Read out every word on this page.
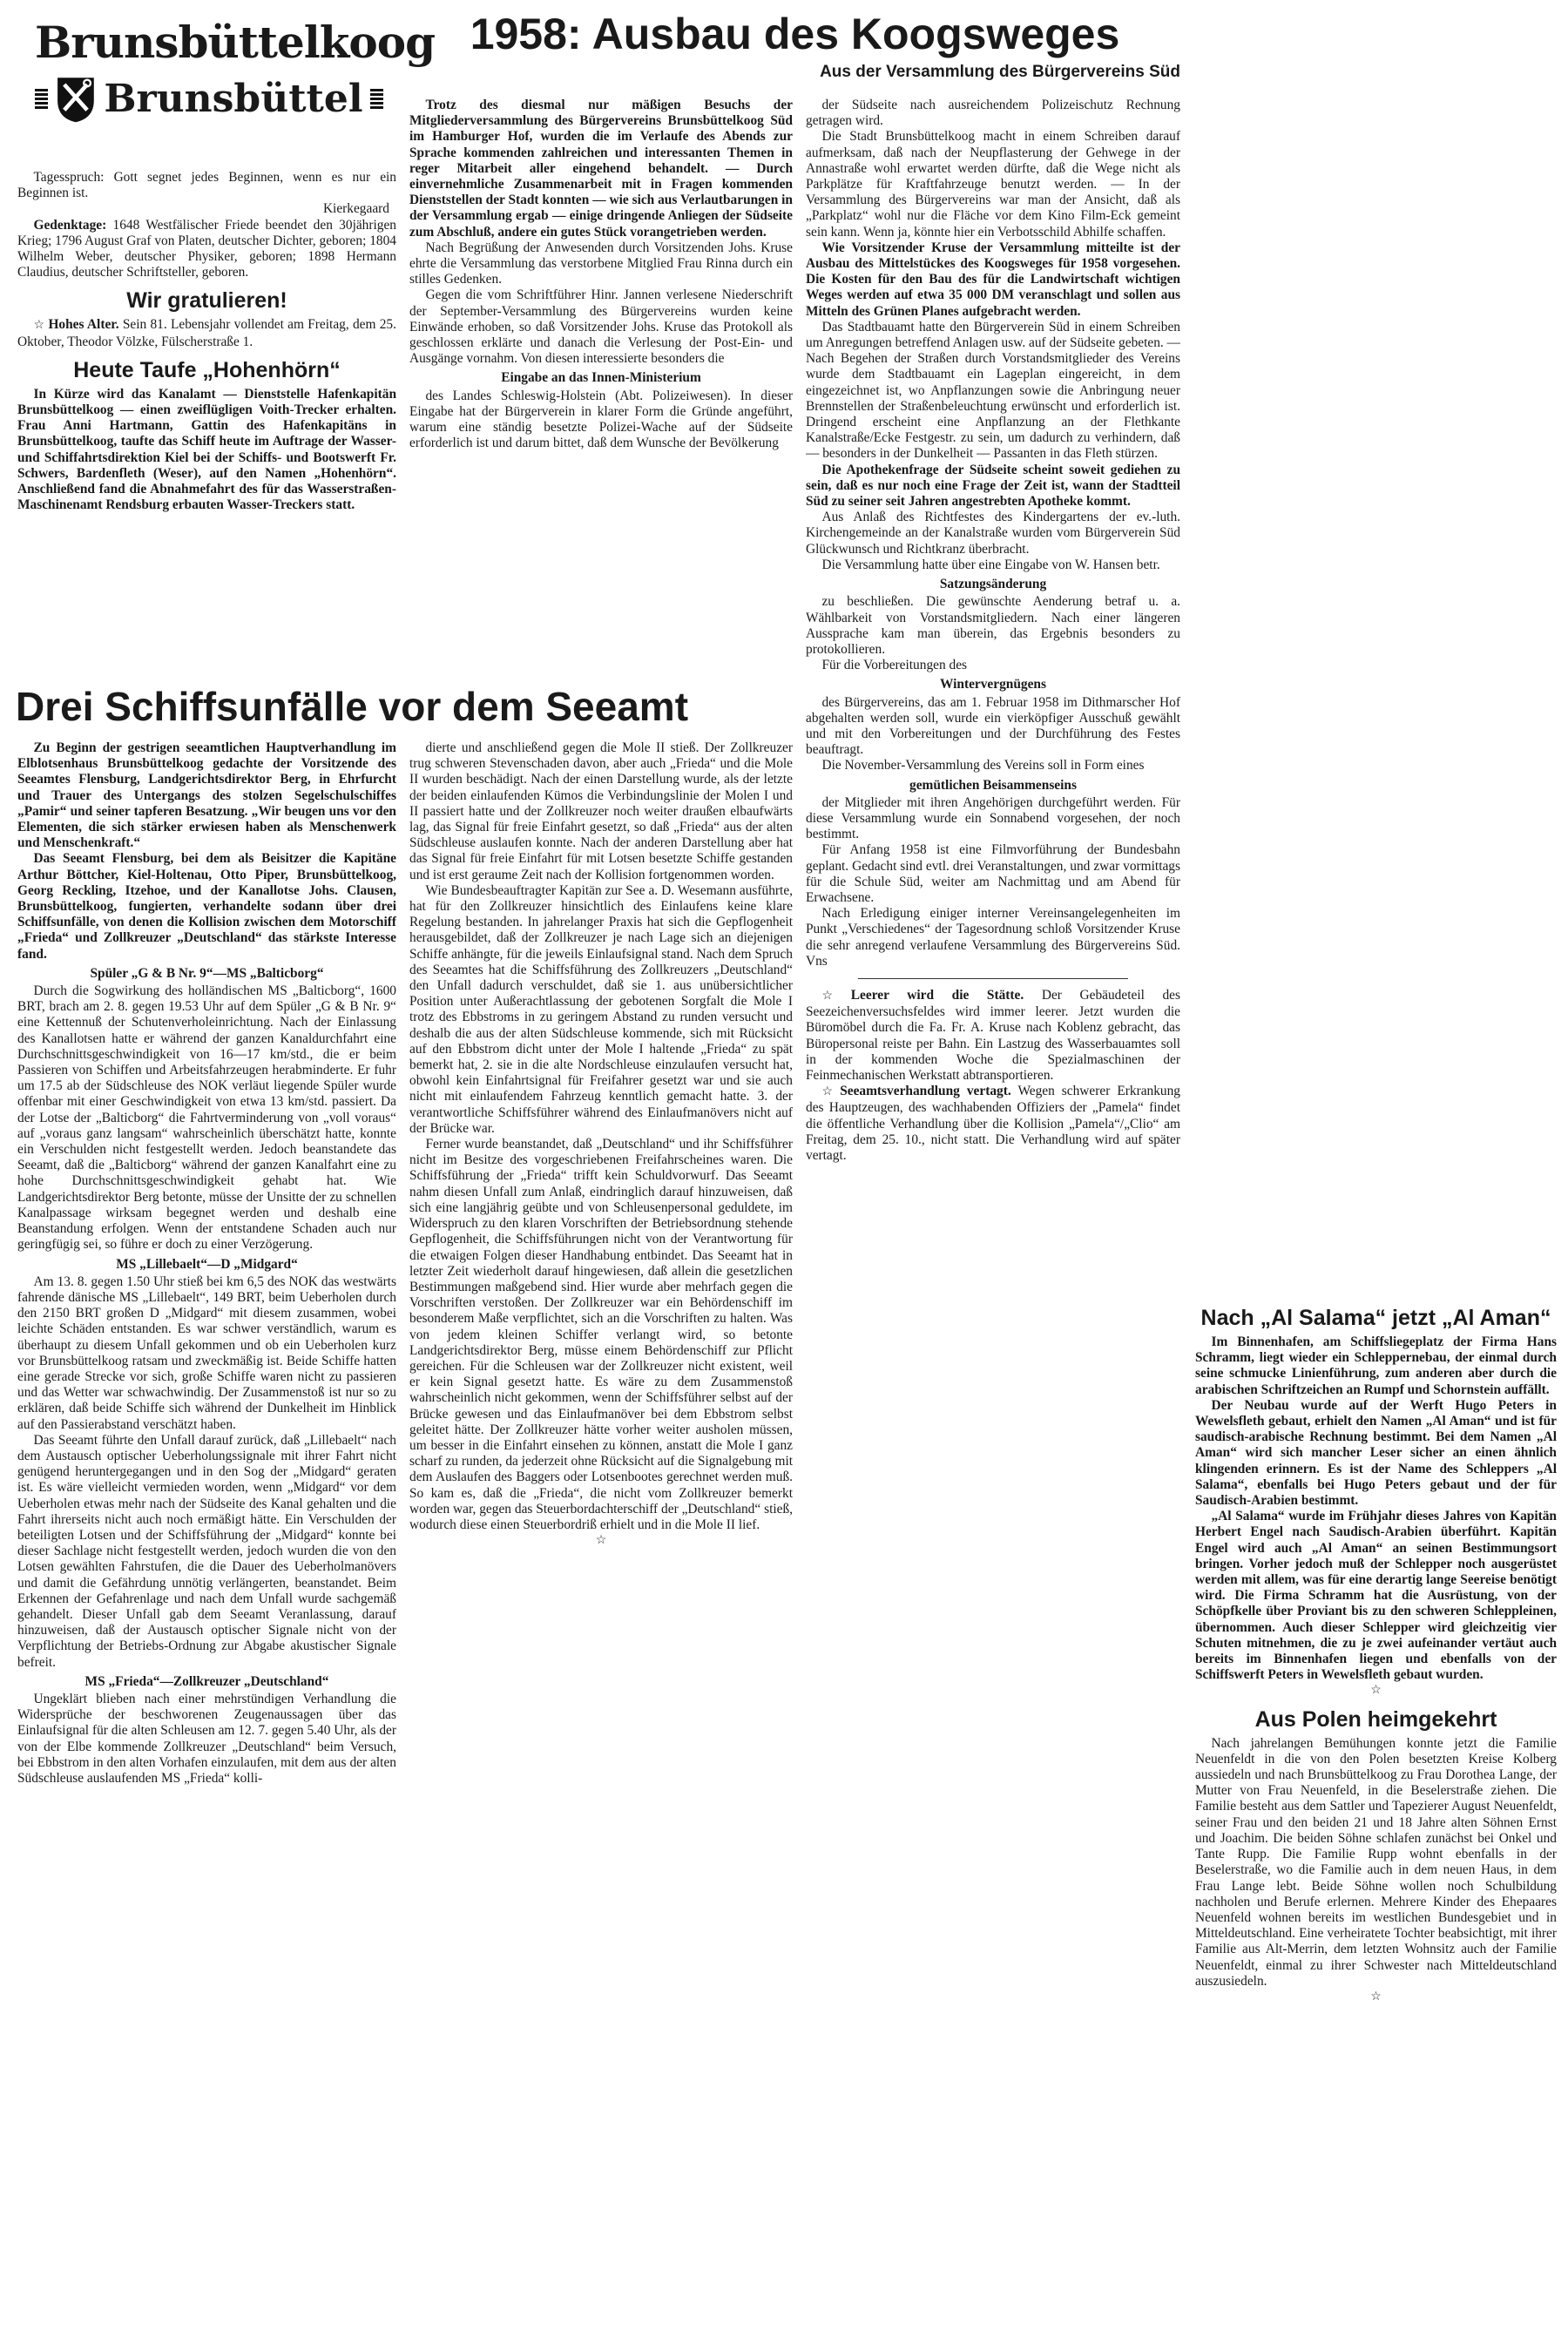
Brunsbüttelkoog
Brunsbüttel
1958: Ausbau des Koogsweges
Aus der Versammlung des Bürgervereins Süd
Drei Schiffsunfälle vor dem Seeamt

Tagesspruch: Gott segnet jedes Beginnen, wenn es nur ein Beginnen ist.

Kierkegaard

Gedenktage: 1648 Westfälischer Friede beendet den 30jährigen Krieg; 1796 August Graf von Platen, deutscher Dichter, geboren; 1804 Wilhelm Weber, deutscher Physiker, geboren; 1898 Hermann Claudius, deutscher Schriftsteller, geboren.

Wir gratulieren!

☆ Hohes Alter. Sein 81. Lebensjahr vollendet am Freitag, dem 25. Oktober, Theodor Völzke, Fülscherstraße 1.

Heute Taufe „Hohenhörn“

In Kürze wird das Kanalamt — Dienststelle Hafenkapitän Brunsbüttelkoog — einen zweiflügligen Voith-Trecker erhalten. Frau Anni Hartmann, Gattin des Hafenkapitäns in Brunsbüttelkoog, taufte das Schiff heute im Auftrage der Wasser- und Schiffahrtsdirektion Kiel bei der Schiffs- und Bootswerft Fr. Schwers, Bardenfleth (Weser), auf den Namen „Hohenhörn“. Anschließend fand die Abnahmefahrt des für das Wasserstraßen-Maschinenamt Rendsburg erbauten Wasser-Treckers statt.

Trotz des diesmal nur mäßigen Besuchs der Mitgliederversammlung des Bürgervereins Brunsbüttelkoog Süd im Hamburger Hof, wurden die im Verlaufe des Abends zur Sprache kommenden zahlreichen und interessanten Themen in reger Mitarbeit aller eingehend behandelt. — Durch einvernehmliche Zusammenarbeit mit in Fragen kommenden Dienststellen der Stadt konnten — wie sich aus Verlautbarungen in der Versammlung ergab — einige dringende Anliegen der Südseite zum Abschluß, andere ein gutes Stück vorangetrieben werden.

Nach Begrüßung der Anwesenden durch Vorsitzenden Johs. Kruse ehrte die Versammlung das verstorbene Mitglied Frau Rinna durch ein stilles Gedenken.

Gegen die vom Schriftführer Hinr. Jannen verlesene Niederschrift der September-Versammlung des Bürgervereins wurden keine Einwände erhoben, so daß Vorsitzender Johs. Kruse das Protokoll als geschlossen erklärte und danach die Verlesung der Post-Ein- und Ausgänge vornahm. Von diesen interessierte besonders die

Eingabe an das Innen-Ministerium

des Landes Schleswig-Holstein (Abt. Polizeiwesen). In dieser Eingabe hat der Bürgerverein in klarer Form die Gründe angeführt, warum eine ständig besetzte Polizei-Wache auf der Südseite erforderlich ist und darum bittet, daß dem Wunsche der Bevölkerung

der Südseite nach ausreichendem Polizeischutz Rechnung getragen wird.

Die Stadt Brunsbüttelkoog macht in einem Schreiben darauf aufmerksam, daß nach der Neupflasterung der Gehwege in der Annastraße wohl erwartet werden dürfte, daß die Wege nicht als Parkplätze für Kraftfahrzeuge benutzt werden. — In der Versammlung des Bürgervereins war man der Ansicht, daß als „Parkplatz“ wohl nur die Fläche vor dem Kino Film-Eck gemeint sein kann. Wenn ja, könnte hier ein Verbotsschild Abhilfe schaffen.

Wie Vorsitzender Kruse der Versammlung mitteilte ist der Ausbau des Mittelstückes des Koogsweges für 1958 vorgesehen. Die Kosten für den Bau des für die Landwirtschaft wichtigen Weges werden auf etwa 35 000 DM veranschlagt und sollen aus Mitteln des Grünen Planes aufgebracht werden.

Das Stadtbauamt hatte den Bürgerverein Süd in einem Schreiben um Anregungen betreffend Anlagen usw. auf der Südseite gebeten. — Nach Begehen der Straßen durch Vorstandsmitglieder des Vereins wurde dem Stadtbauamt ein Lageplan eingereicht, in dem eingezeichnet ist, wo Anpflanzungen sowie die Anbringung neuer Brennstellen der Straßenbeleuchtung erwünscht und erforderlich ist. Dringend erscheint eine Anpflanzung an der Flethkante Kanalstraße/Ecke Festgestr. zu sein, um dadurch zu verhindern, daß — besonders in der Dunkelheit — Passanten in das Fleth stürzen.

Die Apothekenfrage der Südseite scheint soweit gediehen zu sein, daß es nur noch eine Frage der Zeit ist, wann der Stadtteil Süd zu seiner seit Jahren angestrebten Apotheke kommt.

Aus Anlaß des Richtfestes des Kindergartens der ev.-luth. Kirchengemeinde an der Kanalstraße wurden vom Bürgerverein Süd Glückwunsch und Richtkranz überbracht.

Die Versammlung hatte über eine Eingabe von W. Hansen betr.

Satzungsänderung

zu beschließen. Die gewünschte Aenderung betraf u. a. Wählbarkeit von Vorstandsmitgliedern. Nach einer längeren Aussprache kam man überein, das Ergebnis besonders zu protokollieren.

Für die Vorbereitungen des

Wintervergnügens

des Bürgervereins, das am 1. Februar 1958 im Dithmarscher Hof abgehalten werden soll, wurde ein vierköpfiger Ausschuß gewählt und mit den Vorbereitungen und der Durchführung des Festes beauftragt.

Die November-Versammlung des Vereins soll in Form eines

gemütlichen Beisammenseins

der Mitglieder mit ihren Angehörigen durchgeführt werden. Für diese Versammlung wurde ein Sonnabend vorgesehen, der noch bestimmt.

Für Anfang 1958 ist eine Filmvorführung der Bundesbahn geplant. Gedacht sind evtl. drei Veranstaltungen, und zwar vormittags für die Schule Süd, weiter am Nachmittag und am Abend für Erwachsene.

Nach Erledigung einiger interner Vereinsangelegenheiten im Punkt „Verschiedenes“ der Tagesordnung schloß Vorsitzender Kruse die sehr anregend verlaufene Versammlung des Bürgervereins Süd. Vns

☆ Leerer wird die Stätte. Der Gebäudeteil des Seezeichenversuchsfeldes wird immer leerer. Jetzt wurden die Büromöbel durch die Fa. Fr. A. Kruse nach Koblenz gebracht, das Büropersonal reiste per Bahn. Ein Lastzug des Wasserbauamtes soll in der kommenden Woche die Spezialmaschinen der Feinmechanischen Werkstatt abtransportieren.

☆ Seeamtsverhandlung vertagt. Wegen schwerer Erkrankung des Hauptzeugen, des wachhabenden Offiziers der „Pamela“ findet die öffentliche Verhandlung über die Kollision „Pamela“/„Clio“ am Freitag, dem 25. 10., nicht statt. Die Verhandlung wird auf später vertagt.

Nach „Al Salama“ jetzt „Al Aman“

Im Binnenhafen, am Schiffsliegeplatz der Firma Hans Schramm, liegt wieder ein Schleppernebau, der einmal durch seine schmucke Linienführung, zum anderen aber durch die arabischen Schriftzeichen an Rumpf und Schornstein auffällt.

Der Neubau wurde auf der Werft Hugo Peters in Wewelsfleth gebaut, erhielt den Namen „Al Aman“ und ist für saudisch-arabische Rechnung bestimmt. Bei dem Namen „Al Aman“ wird sich mancher Leser sicher an einen ähnlich klingenden erinnern. Es ist der Name des Schleppers „Al Salama“, ebenfalls bei Hugo Peters gebaut und der für Saudisch-Arabien bestimmt.

„Al Salama“ wurde im Frühjahr dieses Jahres von Kapitän Herbert Engel nach Saudisch-Arabien überführt. Kapitän Engel wird auch „Al Aman“ an seinen Bestimmungsort bringen. Vorher jedoch muß der Schlepper noch ausgerüstet werden mit allem, was für eine derartig lange Seereise benötigt wird. Die Firma Schramm hat die Ausrüstung, von der Schöpfkelle über Proviant bis zu den schweren Schleppleinen, übernommen. Auch dieser Schlepper wird gleichzeitig vier Schuten mitnehmen, die zu je zwei aufeinander vertäut auch bereits im Binnenhafen liegen und ebenfalls von der Schiffswerft Peters in Wewelsfleth gebaut wurden.

☆
Aus Polen heimgekehrt

Nach jahrelangen Bemühungen konnte jetzt die Familie Neuenfeldt in die von den Polen besetzten Kreise Kolberg aussiedeln und nach Brunsbüttelkoog zu Frau Dorothea Lange, der Mutter von Frau Neuenfeld, in die Beselerstraße ziehen. Die Familie besteht aus dem Sattler und Tapezierer August Neuenfeldt, seiner Frau und den beiden 21 und 18 Jahre alten Söhnen Ernst und Joachim. Die beiden Söhne schlafen zunächst bei Onkel und Tante Rupp. Die Familie Rupp wohnt ebenfalls in der Beselerstraße, wo die Familie auch in dem neuen Haus, in dem Frau Lange lebt. Beide Söhne wollen noch Schulbildung nachholen und Berufe erlernen. Mehrere Kinder des Ehepaares Neuenfeld wohnen bereits im westlichen Bundesgebiet und in Mitteldeutschland. Eine verheiratete Tochter beabsichtigt, mit ihrer Familie aus Alt-Merrin, dem letzten Wohnsitz auch der Familie Neuenfeldt, einmal zu ihrer Schwester nach Mitteldeutschland auszusiedeln.

☆

Zu Beginn der gestrigen seeamtlichen Hauptverhandlung im Elblotsenhaus Brunsbüttelkoog gedachte der Vorsitzende des Seeamtes Flensburg, Landgerichtsdirektor Berg, in Ehrfurcht und Trauer des Untergangs des stolzen Segelschulschiffes „Pamir“ und seiner tapferen Besatzung. „Wir beugen uns vor den Elementen, die sich stärker erwiesen haben als Menschenwerk und Menschenkraft.“

Das Seeamt Flensburg, bei dem als Beisitzer die Kapitäne Arthur Böttcher, Kiel-Holtenau, Otto Piper, Brunsbüttelkoog, Georg Reckling, Itzehoe, und der Kanallotse Johs. Clausen, Brunsbüttelkoog, fungierten, verhandelte sodann über drei Schiffsunfälle, von denen die Kollision zwischen dem Motorschiff „Frieda“ und Zollkreuzer „Deutschland“ das stärkste Interesse fand.

Spüler „G & B Nr. 9“—MS „Balticborg“

Durch die Sogwirkung des holländischen MS „Balticborg“, 1600 BRT, brach am 2. 8. gegen 19.53 Uhr auf dem Spüler „G & B Nr. 9“ eine Kettennuß der Schutenverholeinrichtung. Nach der Einlassung des Kanallotsen hatte er während der ganzen Kanaldurchfahrt eine Durchschnittsgeschwindigkeit von 16—17 km/std., die er beim Passieren von Schiffen und Arbeitsfahrzeugen herabminderte. Er fuhr um 17.5 ab der Südschleuse des NOK verläut liegende Spüler wurde offenbar mit einer Geschwindigkeit von etwa 13 km/std. passiert. Da der Lotse der „Balticborg“ die Fahrtverminderung von „voll voraus“ auf „voraus ganz langsam“ wahrscheinlich überschätzt hatte, konnte ein Verschulden nicht festgestellt werden. Jedoch beanstandete das Seeamt, daß die „Balticborg“ während der ganzen Kanalfahrt eine zu hohe Durchschnittsgeschwindigkeit gehabt hat. Wie Landgerichtsdirektor Berg betonte, müsse der Unsitte der zu schnellen Kanalpassage wirksam begegnet werden und deshalb eine Beanstandung erfolgen. Wenn der entstandene Schaden auch nur geringfügig sei, so führe er doch zu einer Verzögerung.

MS „Lillebaelt“—D „Midgard“

Am 13. 8. gegen 1.50 Uhr stieß bei km 6,5 des NOK das westwärts fahrende dänische MS „Lillebaelt“, 149 BRT, beim Ueberholen durch den 2150 BRT großen D „Midgard“ mit diesem zusammen, wobei leichte Schäden entstanden. Es war schwer verständlich, warum es überhaupt zu diesem Unfall gekommen und ob ein Ueberholen kurz vor Brunsbüttelkoog ratsam und zweckmäßig ist. Beide Schiffe hatten eine gerade Strecke vor sich, große Schiffe waren nicht zu passieren und das Wetter war schwachwindig. Der Zusammenstoß ist nur so zu erklären, daß beide Schiffe sich während der Dunkelheit im Hinblick auf den Passierabstand verschätzt haben.

Das Seeamt führte den Unfall darauf zurück, daß „Lillebaelt“ nach dem Austausch optischer Ueberholungssignale mit ihrer Fahrt nicht genügend heruntergegangen und in den Sog der „Midgard“ geraten ist. Es wäre vielleicht vermieden worden, wenn „Midgard“ vor dem Ueberholen etwas mehr nach der Südseite des Kanal gehalten und die Fahrt ihrerseits nicht auch noch ermäßigt hätte. Ein Verschulden der beteiligten Lotsen und der Schiffsführung der „Midgard“ konnte bei dieser Sachlage nicht festgestellt werden, jedoch wurden die von den Lotsen gewählten Fahrstufen, die die Dauer des Ueberholmanövers und damit die Gefährdung unnötig verlängerten, beanstandet. Beim Erkennen der Gefahrenlage und nach dem Unfall wurde sachgemäß gehandelt. Dieser Unfall gab dem Seeamt Veranlassung, darauf hinzuweisen, daß der Austausch optischer Signale nicht von der Verpflichtung der Betriebs-Ordnung zur Abgabe akustischer Signale befreit.

MS „Frieda“—Zollkreuzer „Deutschland“

Ungeklärt blieben nach einer mehrstündigen Verhandlung die Widersprüche der beschworenen Zeugenaussagen über das Einlaufsignal für die alten Schleusen am 12. 7. gegen 5.40 Uhr, als der von der Elbe kommende Zollkreuzer „Deutschland“ beim Versuch, bei Ebbstrom in den alten Vorhafen einzulaufen, mit dem aus der alten Südschleuse auslaufenden MS „Frieda“ kolli-

dierte und anschließend gegen die Mole II stieß. Der Zollkreuzer trug schweren Stevenschaden davon, aber auch „Frieda“ und die Mole II wurden beschädigt. Nach der einen Darstellung wurde, als der letzte der beiden einlaufenden Kümos die Verbindungslinie der Molen I und II passiert hatte und der Zollkreuzer noch weiter draußen elbaufwärts lag, das Signal für freie Einfahrt gesetzt, so daß „Frieda“ aus der alten Südschleuse auslaufen konnte. Nach der anderen Darstellung aber hat das Signal für freie Einfahrt für mit Lotsen besetzte Schiffe gestanden und ist erst geraume Zeit nach der Kollision fortgenommen worden.

Wie Bundesbeauftragter Kapitän zur See a. D. Wesemann ausführte, hat für den Zollkreuzer hinsichtlich des Einlaufens keine klare Regelung bestanden. In jahrelanger Praxis hat sich die Gepflogenheit herausgebildet, daß der Zollkreuzer je nach Lage sich an diejenigen Schiffe anhängte, für die jeweils Einlaufsignal stand. Nach dem Spruch des Seeamtes hat die Schiffsführung des Zollkreuzers „Deutschland“ den Unfall dadurch verschuldet, daß sie 1. aus unübersichtlicher Position unter Außerachtlassung der gebotenen Sorgfalt die Mole I trotz des Ebbstroms in zu geringem Abstand zu runden versucht und deshalb die aus der alten Südschleuse kommende, sich mit Rücksicht auf den Ebbstrom dicht unter der Mole I haltende „Frieda“ zu spät bemerkt hat, 2. sie in die alte Nordschleuse einzulaufen versucht hat, obwohl kein Einfahrtsignal für Freifahrer gesetzt war und sie auch nicht mit einlaufendem Fahrzeug kenntlich gemacht hatte. 3. der verantwortliche Schiffsführer während des Einlaufmanövers nicht auf der Brücke war.

Ferner wurde beanstandet, daß „Deutschland“ und ihr Schiffsführer nicht im Besitze des vorgeschriebenen Freifahrscheines waren. Die Schiffsführung der „Frieda“ trifft kein Schuldvorwurf. Das Seeamt nahm diesen Unfall zum Anlaß, eindringlich darauf hinzuweisen, daß sich eine langjährig geübte und von Schleusenpersonal geduldete, im Widerspruch zu den klaren Vorschriften der Betriebsordnung stehende Gepflogenheit, die Schiffsführungen nicht von der Verantwortung für die etwaigen Folgen dieser Handhabung entbindet. Das Seeamt hat in letzter Zeit wiederholt darauf hingewiesen, daß allein die gesetzlichen Bestimmungen maßgebend sind. Hier wurde aber mehrfach gegen die Vorschriften verstoßen. Der Zollkreuzer war ein Behördenschiff im besonderem Maße verpflichtet, sich an die Vorschriften zu halten. Was von jedem kleinen Schiffer verlangt wird, so betonte Landgerichtsdirektor Berg, müsse einem Behördenschiff zur Pflicht gereichen. Für die Schleusen war der Zollkreuzer nicht existent, weil er kein Signal gesetzt hatte. Es wäre zu dem Zusammenstoß wahrscheinlich nicht gekommen, wenn der Schiffsführer selbst auf der Brücke gewesen und das Einlaufmanöver bei dem Ebbstrom selbst geleitet hätte. Der Zollkreuzer hätte vorher weiter ausholen müssen, um besser in die Einfahrt einsehen zu können, anstatt die Mole I ganz scharf zu runden, da jederzeit ohne Rücksicht auf die Signalgebung mit dem Auslaufen des Baggers oder Lotsenbootes gerechnet werden muß. So kam es, daß die „Frieda“, die nicht vom Zollkreuzer bemerkt worden war, gegen das Steuerbordachterschiff der „Deutschland“ stieß, wodurch diese einen Steuerbordriß erhielt und in die Mole II lief.

☆
